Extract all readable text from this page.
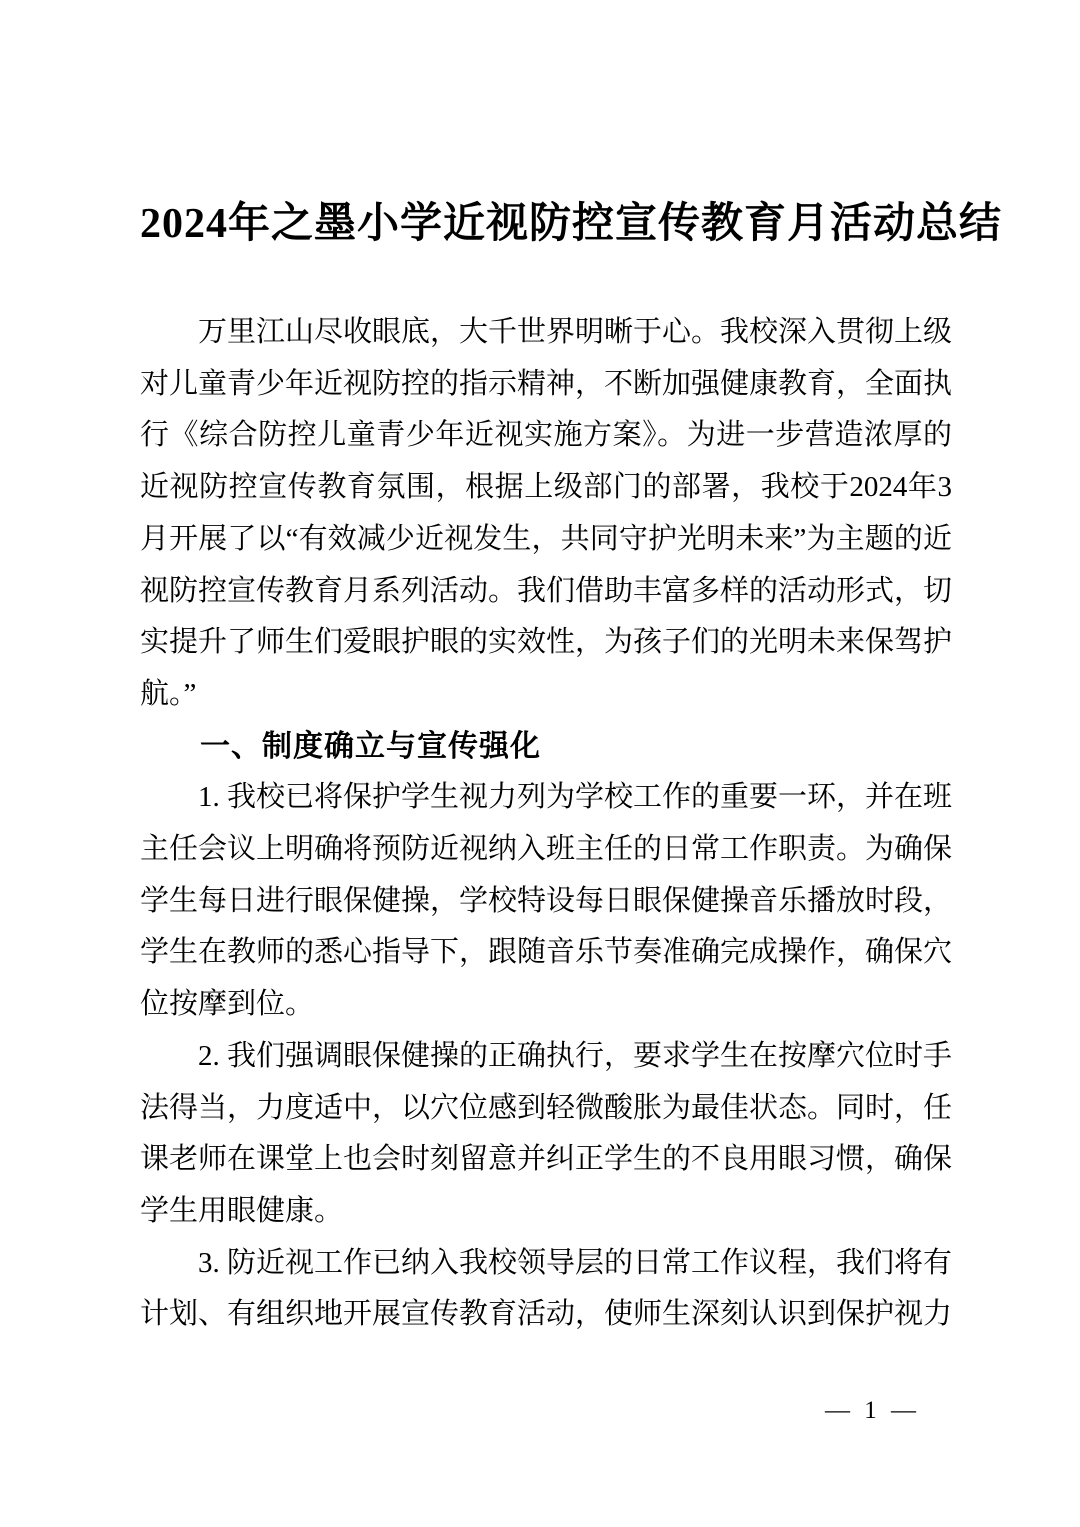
2024年之墨小学近视防控宣传教育月活动总结

万里江山尽收眼底，大千世界明晰于心。我校深入贯彻上级对儿童青少年近视防控的指示精神，不断加强健康教育，全面执行《综合防控儿童青少年近视实施方案》。为进一步营造浓厚的近视防控宣传教育氛围，根据上级部门的部署，我校于2024年3月开展了以“有效减少近视发生，共同守护光明未来”为主题的近视防控宣传教育月系列活动。我们借助丰富多样的活动形式，切实提升了师生们爱眼护眼的实效性，为孩子们的光明未来保驾护航。”

一、制度确立与宣传强化

1. 我校已将保护学生视力列为学校工作的重要一环，并在班主任会议上明确将预防近视纳入班主任的日常工作职责。为确保学生每日进行眼保健操，学校特设每日眼保健操音乐播放时段，学生在教师的悉心指导下，跟随音乐节奏准确完成操作，确保穴位按摩到位。

2. 我们强调眼保健操的正确执行，要求学生在按摩穴位时手法得当，力度适中，以穴位感到轻微酸胀为最佳状态。同时，任课老师在课堂上也会时刻留意并纠正学生的不良用眼习惯，确保学生用眼健康。

3. 防近视工作已纳入我校领导层的日常工作议程，我们将有计划、有组织地开展宣传教育活动，使师生深刻认识到保护视力

— 1 —
